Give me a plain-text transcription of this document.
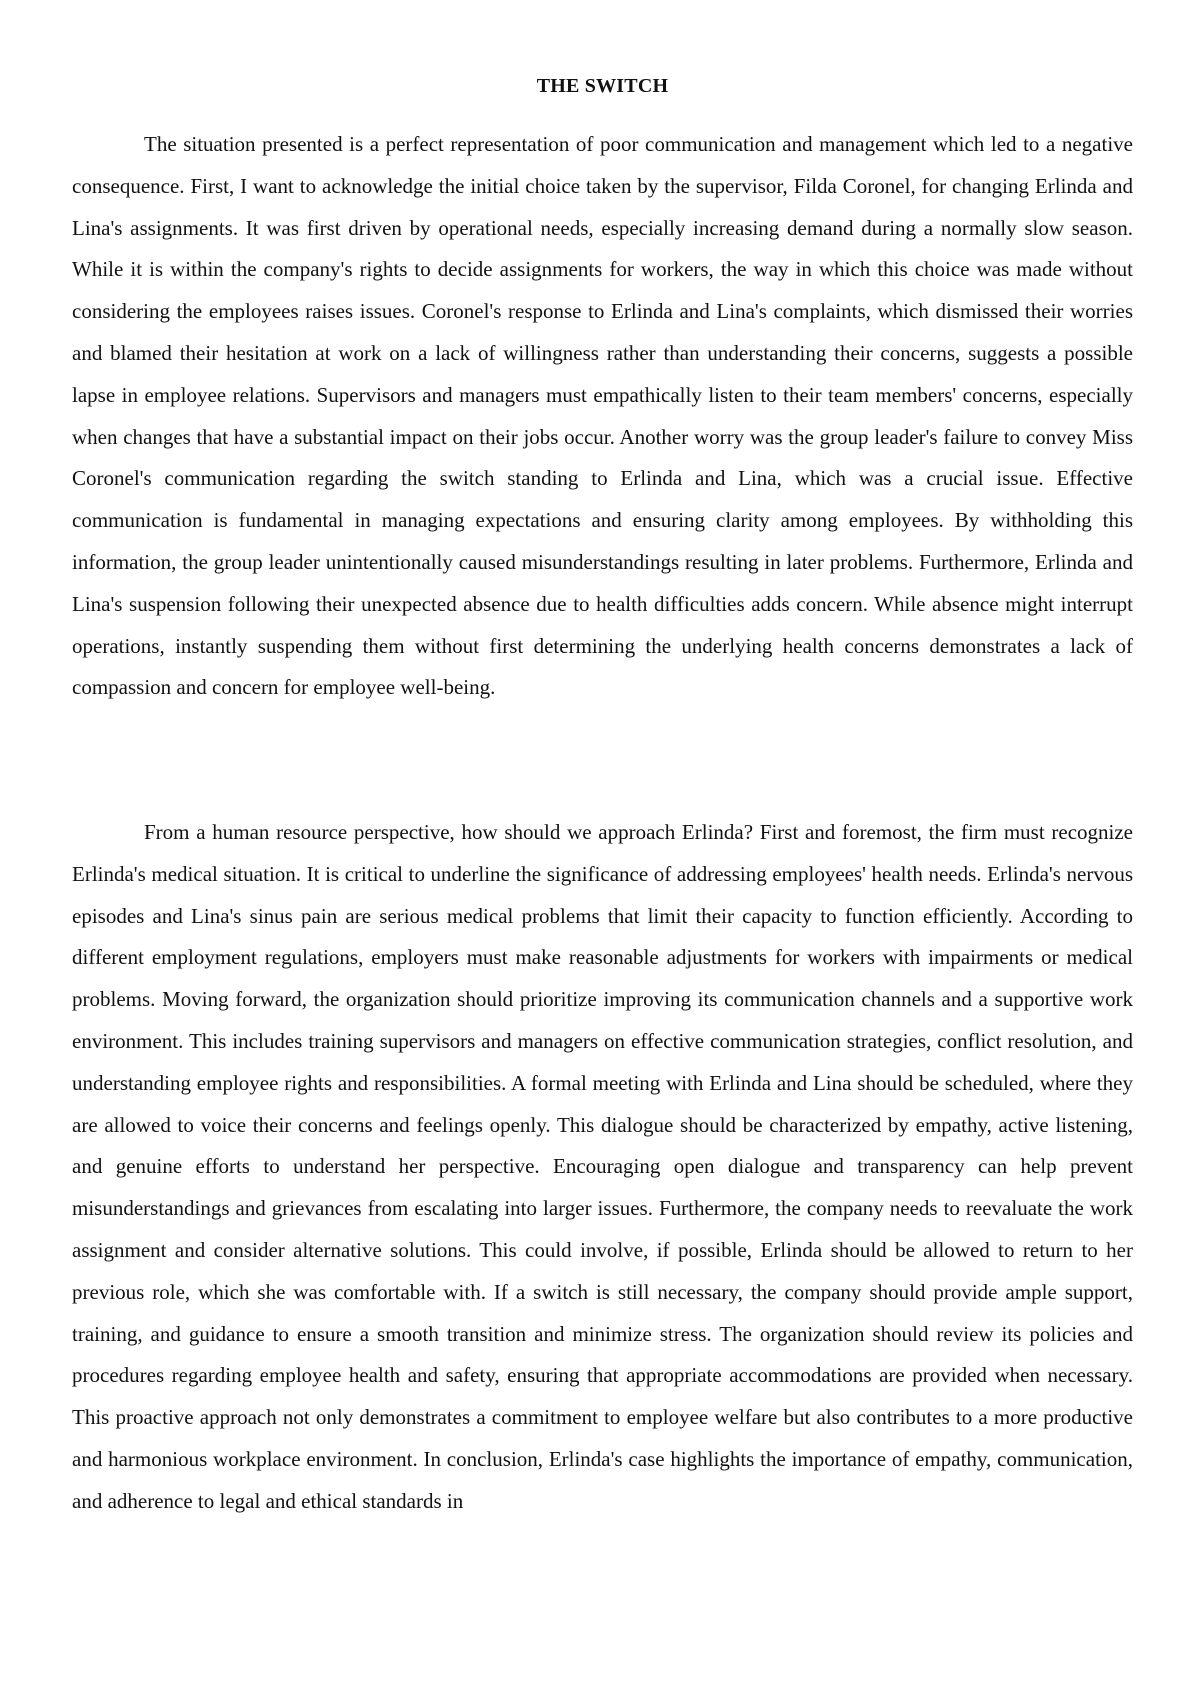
THE SWITCH

The situation presented is a perfect representation of poor communication and management which led to a negative consequence. First, I want to acknowledge the initial choice taken by the supervisor, Filda Coronel, for changing Erlinda and Lina's assignments. It was first driven by operational needs, especially increasing demand during a normally slow season. While it is within the company's rights to decide assignments for workers, the way in which this choice was made without considering the employees raises issues. Coronel's response to Erlinda and Lina's complaints, which dismissed their worries and blamed their hesitation at work on a lack of willingness rather than understanding their concerns, suggests a possible lapse in employee relations. Supervisors and managers must empathically listen to their team members' concerns, especially when changes that have a substantial impact on their jobs occur. Another worry was the group leader's failure to convey Miss Coronel's communication regarding the switch standing to Erlinda and Lina, which was a crucial issue. Effective communication is fundamental in managing expectations and ensuring clarity among employees. By withholding this information, the group leader unintentionally caused misunderstandings resulting in later problems. Furthermore, Erlinda and Lina's suspension following their unexpected absence due to health difficulties adds concern. While absence might interrupt operations, instantly suspending them without first determining the underlying health concerns demonstrates a lack of compassion and concern for employee well-being.

From a human resource perspective, how should we approach Erlinda? First and foremost, the firm must recognize Erlinda's medical situation. It is critical to underline the significance of addressing employees' health needs. Erlinda's nervous episodes and Lina's sinus pain are serious medical problems that limit their capacity to function efficiently. According to different employment regulations, employers must make reasonable adjustments for workers with impairments or medical problems. Moving forward, the organization should prioritize improving its communication channels and a supportive work environment. This includes training supervisors and managers on effective communication strategies, conflict resolution, and understanding employee rights and responsibilities. A formal meeting with Erlinda and Lina should be scheduled, where they are allowed to voice their concerns and feelings openly. This dialogue should be characterized by empathy, active listening, and genuine efforts to understand her perspective. Encouraging open dialogue and transparency can help prevent misunderstandings and grievances from escalating into larger issues. Furthermore, the company needs to reevaluate the work assignment and consider alternative solutions. This could involve, if possible, Erlinda should be allowed to return to her previous role, which she was comfortable with. If a switch is still necessary, the company should provide ample support, training, and guidance to ensure a smooth transition and minimize stress. The organization should review its policies and procedures regarding employee health and safety, ensuring that appropriate accommodations are provided when necessary. This proactive approach not only demonstrates a commitment to employee welfare but also contributes to a more productive and harmonious workplace environment. In conclusion, Erlinda's case highlights the importance of empathy, communication, and adherence to legal and ethical standards in
